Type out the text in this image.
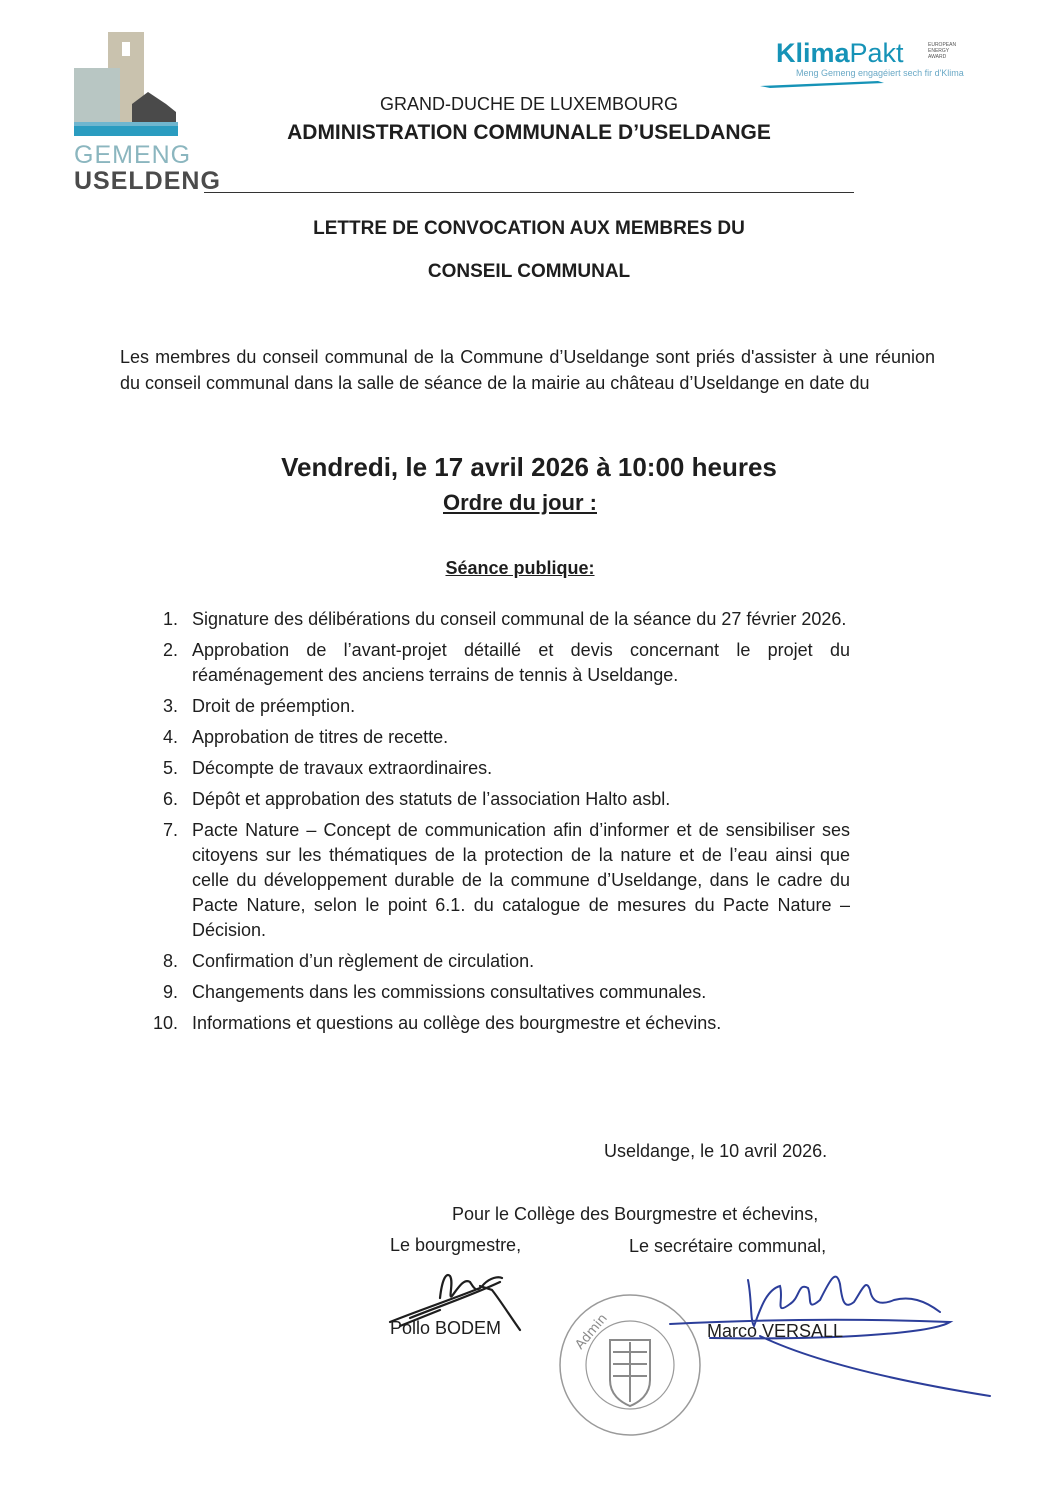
GEMENG
USELDENG
KlimaPakt	EUROPEAN ENERGY AWARD
Meng Gemeng engagéiert sech fir d'Klima
GRAND-DUCHE DE LUXEMBOURG
ADMINISTRATION COMMUNALE D’USELDANGE
LETTRE DE CONVOCATION AUX MEMBRES DU
CONSEIL COMMUNAL
Les membres du conseil communal de la Commune d’Useldange sont priés d'assister à une réunion du conseil communal dans la salle de séance de la mairie au château d’Useldange en date du
Vendredi, le 17 avril 2026 à 10:00 heures
Ordre du jour :
Séance publique:
1. Signature des délibérations du conseil communal de la séance du 27 février 2026.
2. Approbation de l’avant-projet détaillé et devis concernant le projet du réaménagement des anciens terrains de tennis à Useldange.
3. Droit de préemption.
4. Approbation de titres de recette.
5. Décompte de travaux extraordinaires.
6. Dépôt et approbation des statuts de l’association Halto asbl.
7. Pacte Nature – Concept de communication afin d’informer et de sensibiliser ses citoyens sur les thématiques de la protection de la nature et de l’eau ainsi que celle du développement durable de la commune d’Useldange, dans le cadre du Pacte Nature, selon le point 6.1. du catalogue de mesures du Pacte Nature – Décision.
8. Confirmation d’un règlement de circulation.
9. Changements dans les commissions consultatives communales.
10. Informations et questions au collège des bourgmestre et échevins.
Useldange, le 10 avril 2026.
Pour le Collège des Bourgmestre et échevins,
Le bourgmestre,	Le secrétaire communal,
Admin
Pollo BODEM	Marco VERSALL
